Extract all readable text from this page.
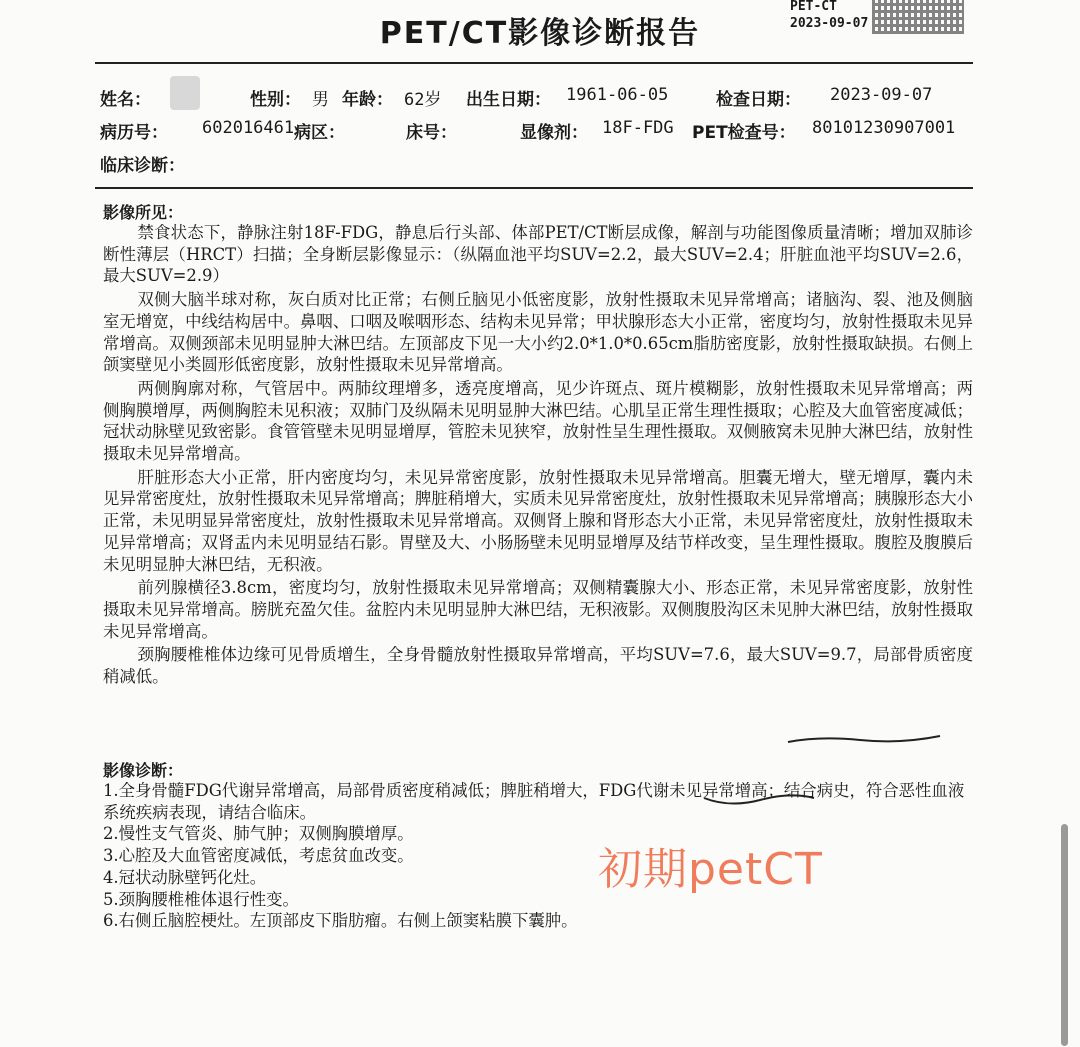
PET-CT
2023-09-07
PET/CT影像诊断报告
姓名：	性别： 男 年龄： 62岁 出生日期： 1961-06-05	检查日期： 2023-09-07
病历号： 602016461 病区：	床号：	显像剂： 18F-FDG PET检查号： 80101230907001
临床诊断：
影像所见：

禁食状态下，静脉注射18F-FDG，静息后行头部、体部PET/CT断层成像，解剖与功能图像质量清晰；增加双肺诊断性薄层（HRCT）扫描；全身断层影像显示：（纵隔血池平均SUV=2.2，最大SUV=2.4；肝脏血池平均SUV=2.6，最大SUV=2.9）

双侧大脑半球对称，灰白质对比正常；右侧丘脑见小低密度影，放射性摄取未见异常增高；诸脑沟、裂、池及侧脑室无增宽，中线结构居中。鼻咽、口咽及喉咽形态、结构未见异常；甲状腺形态大小正常，密度均匀，放射性摄取未见异常增高。双侧颈部未见明显肿大淋巴结。左顶部皮下见一大小约2.0*1.0*0.65cm脂肪密度影，放射性摄取缺损。右侧上颌窦壁见小类圆形低密度影，放射性摄取未见异常增高。

两侧胸廓对称，气管居中。两肺纹理增多，透亮度增高，见少许斑点、斑片模糊影，放射性摄取未见异常增高；两侧胸膜增厚，两侧胸腔未见积液；双肺门及纵隔未见明显肿大淋巴结。心肌呈正常生理性摄取；心腔及大血管密度减低；冠状动脉壁见致密影。食管管壁未见明显增厚，管腔未见狭窄，放射性呈生理性摄取。双侧腋窝未见肿大淋巴结，放射性摄取未见异常增高。

肝脏形态大小正常，肝内密度均匀，未见异常密度影，放射性摄取未见异常增高。胆囊无增大，壁无增厚，囊内未见异常密度灶，放射性摄取未见异常增高；脾脏稍增大，实质未见异常密度灶，放射性摄取未见异常增高；胰腺形态大小正常，未见明显异常密度灶，放射性摄取未见异常增高。双侧肾上腺和肾形态大小正常，未见异常密度灶，放射性摄取未见异常增高；双肾盂内未见明显结石影。胃壁及大、小肠肠壁未见明显增厚及结节样改变，呈生理性摄取。腹腔及腹膜后未见明显肿大淋巴结，无积液。

前列腺横径3.8cm，密度均匀，放射性摄取未见异常增高；双侧精囊腺大小、形态正常，未见异常密度影，放射性摄取未见异常增高。膀胱充盈欠佳。盆腔内未见明显肿大淋巴结，无积液影。双侧腹股沟区未见肿大淋巴结，放射性摄取未见异常增高。

颈胸腰椎椎体边缘可见骨质增生，全身骨髓放射性摄取异常增高，平均SUV=7.6，最大SUV=9.7，局部骨质密度稍减低。

影像诊断：

1.全身骨髓FDG代谢异常增高，局部骨质密度稍减低；脾脏稍增大，FDG代谢未见异常增高；结合病史，符合恶性血液系统疾病表现，请结合临床。

2.慢性支气管炎、肺气肿；双侧胸膜增厚。

3.心腔及大血管密度减低，考虑贫血改变。

4.冠状动脉壁钙化灶。

5.颈胸腰椎椎体退行性变。

6.右侧丘脑腔梗灶。左顶部皮下脂肪瘤。右侧上颌窦粘膜下囊肿。

初期petCT
